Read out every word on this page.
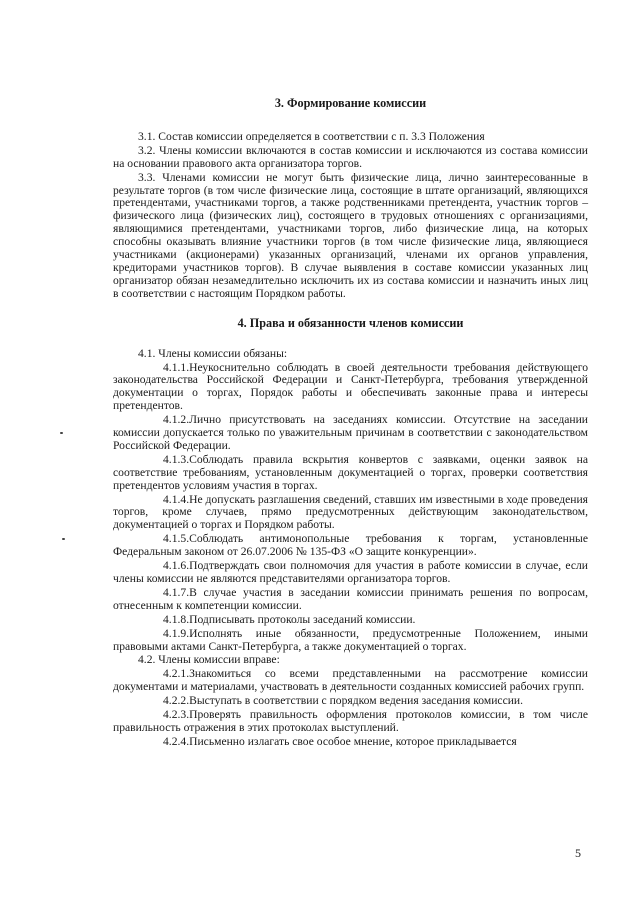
3. Формирование комиссии

3.1. Состав комиссии определяется в соответствии с п. 3.3 Положения

3.2. Члены комиссии включаются в состав комиссии и исключаются из состава комиссии на основании правового акта организатора торгов.

3.3. Членами комиссии не могут быть физические лица, лично заинтересованные в результате торгов (в том числе физические лица, состоящие в штате организаций, являющихся претендентами, участниками торгов, а также родственниками претендента, участник торгов – физического лица (физических лиц), состоящего в трудовых отношениях с организациями, являющимися претендентами, участниками торгов, либо физические лица, на которых способны оказывать влияние участники торгов (в том числе физические лица, являющиеся участниками (акционерами) указанных организаций, членами их органов управления, кредиторами участников торгов). В случае выявления в составе комиссии указанных лиц организатор обязан незамедлительно исключить их из состава комиссии и назначить иных лиц в соответствии с настоящим Порядком работы.

4. Права и обязанности членов комиссии

4.1. Члены комиссии обязаны:

4.1.1.Неукоснительно соблюдать в своей деятельности требования действующего законодательства Российской Федерации и Санкт-Петербурга, требования утвержденной документации о торгах, Порядок работы и обеспечивать законные права и интересы претендентов.

4.1.2.Лично присутствовать на заседаниях комиссии. Отсутствие на заседании комиссии допускается только по уважительным причинам в соответствии с законодательством Российской Федерации.

4.1.3.Соблюдать правила вскрытия конвертов с заявками, оценки заявок на соответствие требованиям, установленным документацией о торгах, проверки соответствия претендентов условиям участия в торгах.

4.1.4.Не допускать разглашения сведений, ставших им известными в ходе проведения торгов, кроме случаев, прямо предусмотренных действующим законодательством, документацией о торгах и Порядком работы.

4.1.5.Соблюдать антимонопольные требования к торгам, установленные Федеральным законом от 26.07.2006 № 135-ФЗ «О защите конкуренции».

4.1.6.Подтверждать свои полномочия для участия в работе комиссии в случае, если члены комиссии не являются представителями организатора торгов.

4.1.7.В случае участия в заседании комиссии принимать решения по вопросам, отнесенным к компетенции комиссии.

4.1.8.Подписывать протоколы заседаний комиссии.

4.1.9.Исполнять иные обязанности, предусмотренные Положением, иными правовыми актами Санкт-Петербурга, а также документацией о торгах.

4.2. Члены комиссии вправе:

4.2.1.Знакомиться со всеми представленными на рассмотрение комиссии документами и материалами, участвовать в деятельности созданных комиссией рабочих групп.

4.2.2.Выступать в соответствии с порядком ведения заседания комиссии.

4.2.3.Проверять правильность оформления протоколов комиссии, в том числе правильность отражения в этих протоколах выступлений.

4.2.4.Письменно излагать свое особое мнение, которое прикладывается

5
